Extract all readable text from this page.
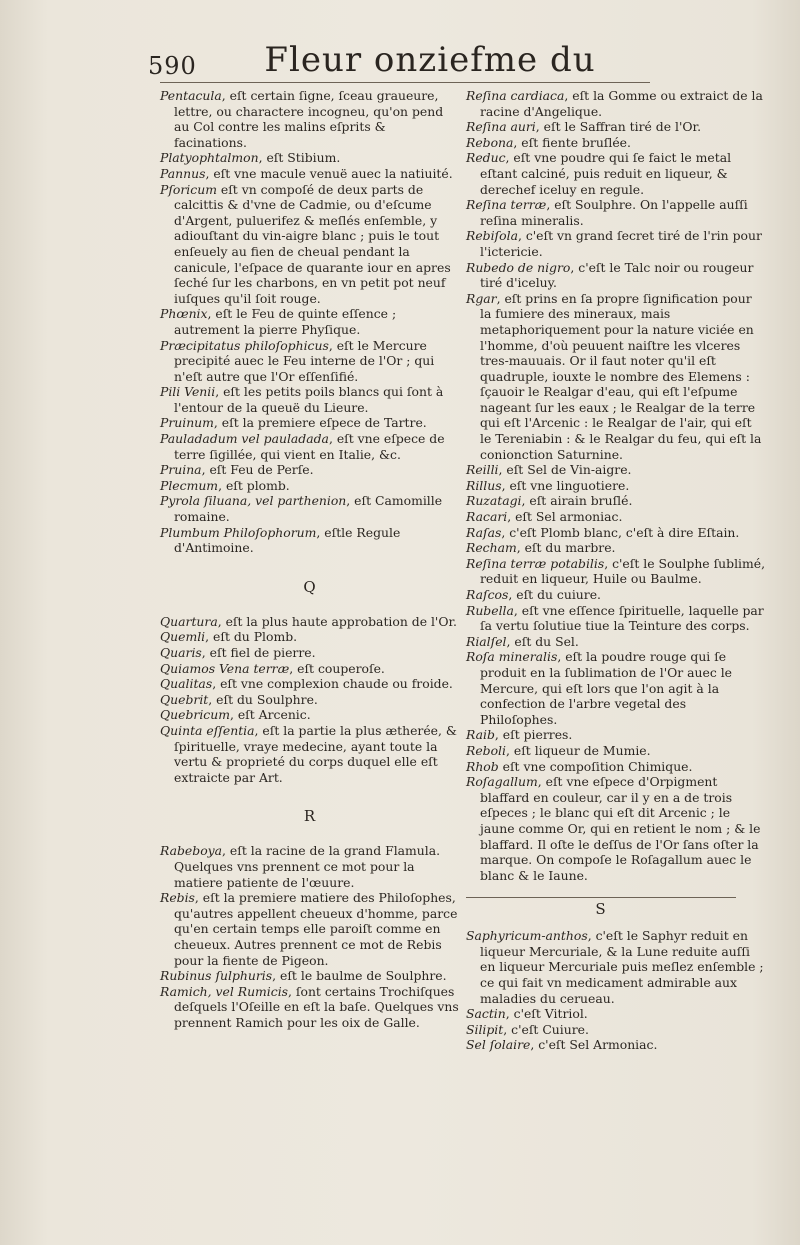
590	Fleur onziefme du

Pentacula, eſt certain ſigne, ſceau graueure, lettre, ou charactere incogneu, qu'on pend au Col contre les malins eſprits & facinations.

Platyophtalmon, eſt Stibium.

Pannus, eſt vne macule venuë auec la natiuité.

Pſoricum eſt vn compoſé de deux parts de calcittis & d'vne de Cadmie, ou d'eſcume d'Argent, puluerifez & meſlés enſemble, y adiouſtant du vin-aigre blanc ; puis le tout enſeuely au fien de cheual pendant la canicule, l'eſpace de quarante iour en apres ſeché ſur les charbons, en vn petit pot neuf iuſques qu'il ſoit rouge.

Phœnix, eſt le Feu de quinte eſſence ; autrement la pierre Phyſique.

Præcipitatus philoſophicus, eſt le Mercure precipité auec le Feu interne de l'Or ; qui n'eſt autre que l'Or eſſenſifié.

Pili Venii, eſt les petits poils blancs qui ſont à l'entour de la queuë du Lieure.

Pruinum, eſt la premiere eſpece de Tartre.

Pauladadum vel pauladada, eſt vne eſpece de terre ſigillée, qui vient en Italie, &c.

Pruina, eſt Feu de Perſe.

Plecmum, eſt plomb.

Pyrola ſiluana, vel parthenion, eſt Camomille romaine.

Plumbum Philoſophorum, eſtle Regule d'Antimoine.

Q

Quartura, eſt la plus haute approbation de l'Or.

Quemli, eſt du Plomb.

Quaris, eſt fiel de pierre.

Quiamos Vena terræ, eſt couperoſe.

Qualitas, eſt vne complexion chaude ou froide.

Quebrit, eſt du Soulphre.

Quebricum, eſt Arcenic.

Quinta eſſentia, eſt la partie la plus ætherée, & ſpirituelle, vraye medecine, ayant toute la vertu & proprieté du corps duquel elle eſt extraicte par Art.

R

Rabeboya, eſt la racine de la grand Flamula. Quelques vns prennent ce mot pour la matiere patiente de l'œuure.

Rebis, eſt la premiere matiere des Philoſophes, qu'autres appellent cheueux d'homme, parce qu'en certain temps elle paroiſt comme en cheueux. Autres prennent ce mot de Rebis pour la fiente de Pigeon.

Rubinus ſulphuris, eſt le baulme de Soulphre.

Ramich, vel Rumicis, ſont certains Trochiſques deſquels l'Oſeille en eſt la baſe. Quelques vns prennent Ramich pour les oix de Galle.

Reſina cardiaca, eſt la Gomme ou extraict de la racine d'Angelique.

Reſina auri, eſt le Saffran tiré de l'Or.

Rebona, eſt fiente bruſlée.

Reduc, eſt vne poudre qui ſe faict le metal eſtant calciné, puis reduit en liqueur, & derechef iceluy en regule.

Reſina terræ, eſt Soulphre. On l'appelle auſſi reſina mineralis.

Rebiſola, c'eſt vn grand ſecret tiré de l'rin pour l'ictericie.

Rubedo de nigro, c'eſt le Talc noir ou rougeur tiré d'iceluy.

Rgar, eſt prins en ſa propre ſignification pour la fumiere des mineraux, mais metaphoriquement pour la nature viciée en l'homme, d'où peuuent naiſtre les vlceres tres-mauuais. Or il faut noter qu'il eſt quadruple, iouxte le nombre des Elemens : ſçauoir le Realgar d'eau, qui eſt l'eſpume nageant ſur les eaux ; le Realgar de la terre qui eſt l'Arcenic : le Realgar de l'air, qui eſt le Tereniabin : & le Realgar du feu, qui eſt la conionction Saturnine.

Reilli, eſt Sel de Vin-aigre.

Rillus, eſt vne linguotiere.

Ruzatagi, eſt airain bruſlé.

Racari, eſt Sel armoniac.

Raſas, c'eſt Plomb blanc, c'eſt à dire Eſtain.

Recham, eſt du marbre.

Reſina terræ potabilis, c'eſt le Soulphe ſublimé, reduit en liqueur, Huile ou Baulme.

Raſcos, eſt du cuiure.

Rubella, eſt vne eſſence ſpirituelle, laquelle par ſa vertu ſolutiue tiue la Teinture des corps.

Rialſel, eſt du Sel.

Roſa mineralis, eſt la poudre rouge qui ſe produit en la ſublimation de l'Or auec le Mercure, qui eſt lors que l'on agit à la confection de l'arbre vegetal des Philoſophes.

Raib, eſt pierres.

Reboli, eſt liqueur de Mumie.

Rhob eſt vne compoſition Chimique.

Roſagallum, eſt vne eſpece d'Orpigment blaffard en couleur, car il y en a de trois eſpeces ; le blanc qui eſt dit Arcenic ; le jaune comme Or, qui en retient le nom ; & le blaffard. Il oſte le deſſus de l'Or ſans oſter la marque. On compoſe le Roſagallum auec le blanc & le Iaune.

S

Saphyricum-anthos, c'eſt le Saphyr reduit en liqueur Mercuriale, & la Lune reduite auſſi en liqueur Mercuriale puis meſlez enſemble ; ce qui fait vn medicament admirable aux maladies du cerueau.

Sactin, c'eſt Vitriol.

Silipit, c'eſt Cuiure.

Sel ſolaire, c'eſt Sel Armoniac.
